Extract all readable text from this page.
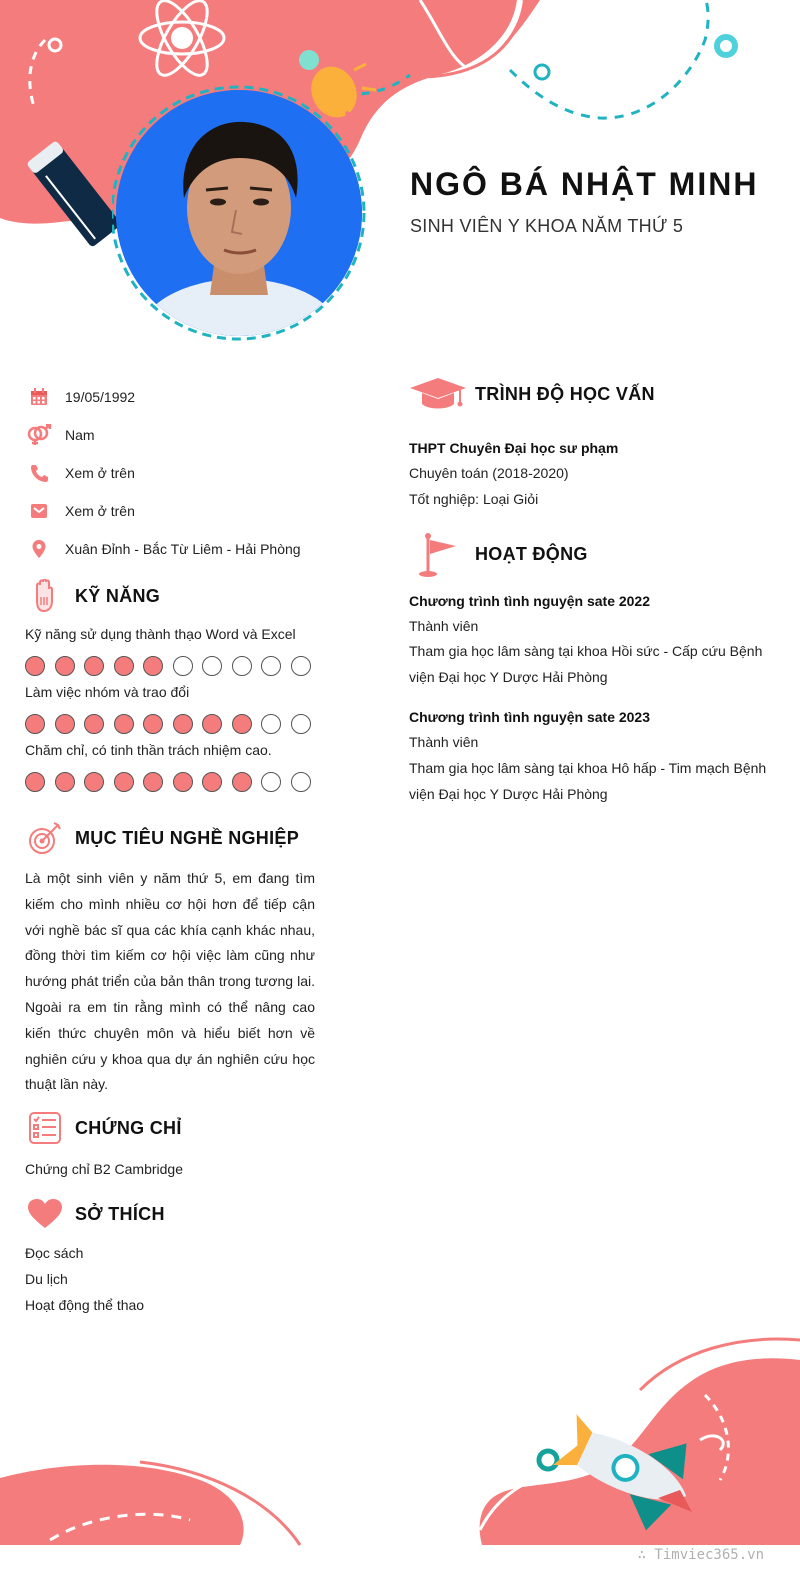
NGÔ BÁ NHẬT MINH
SINH VIÊN Y KHOA NĂM THỨ 5
19/05/1992
Nam
Xem ở trên
Xem ở trên
Xuân Đỉnh - Bắc Từ Liêm - Hải Phòng
KỸ NĂNG
Kỹ năng sử dụng thành thạo Word và Excel
Làm việc nhóm và trao đổi
Chăm chỉ, có tinh thần trách nhiệm cao.
MỤC TIÊU NGHỀ NGHIỆP

Là một sinh viên y năm thứ 5, em đang tìm kiếm cho mình nhiều cơ hội hơn để tiếp cận với nghề bác sĩ qua các khía cạnh khác nhau, đồng thời tìm kiếm cơ hội việc làm cũng như hướng phát triển của bản thân trong tương lai. Ngoài ra em tin rằng mình có thể nâng cao kiến thức chuyên môn và hiểu biết hơn về nghiên cứu y khoa qua dự án nghiên cứu học thuật lần này.

CHỨNG CHỈ
Chứng chỉ B2 Cambridge
SỞ THÍCH
Đọc sách
Du lịch
Hoạt động thể thao
TRÌNH ĐỘ HỌC VẤN
THPT Chuyên Đại học sư phạm
Chuyên toán (2018-2020)
Tốt nghiệp: Loại Giỏi
HOẠT ĐỘNG
Chương trình tình nguyện sate 2022
Thành viên
Tham gia học lâm sàng tại khoa Hồi sức - Cấp cứu Bệnh viện Đại học Y Dược Hải Phòng
Chương trình tình nguyện sate 2023
Thành viên
Tham gia học lâm sàng tại khoa Hô hấp - Tim mạch Bệnh viện Đại học Y Dược Hải Phòng
∴ Timviec365.vn
